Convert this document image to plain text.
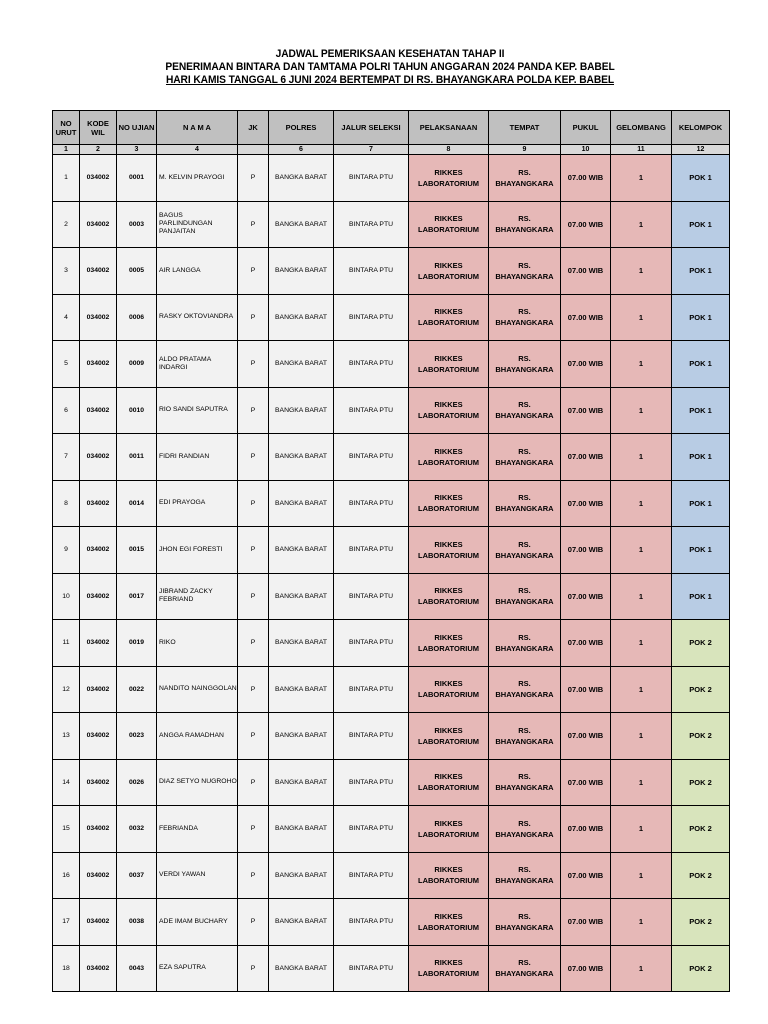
JADWAL PEMERIKSAAN KESEHATAN TAHAP II
PENERIMAAN BINTARA DAN TAMTAMA POLRI TAHUN ANGGARAN 2024 PANDA KEP. BABEL
HARI KAMIS TANGGAL 6 JUNI 2024 BERTEMPAT DI RS. BHAYANGKARA POLDA KEP. BABEL
NO URUT	KODE WIL	NO UJIAN	N A M A	JK	POLRES	JALUR SELEKSI	PELAKSANAAN	TEMPAT	PUKUL	GELOMBANG	KELOMPOK
1	2	3	4		6	7	8	9	10	11	12
1	034002	0001	M. KELVIN PRAYOGI	P	BANGKA BARAT	BINTARA PTU	RIKKES LABORATORIUM	RS. BHAYANGKARA	07.00 WIB	1	POK 1
2	034002	0003	BAGUS PARLINDUNGAN PANJAITAN	P	BANGKA BARAT	BINTARA PTU	RIKKES LABORATORIUM	RS. BHAYANGKARA	07.00 WIB	1	POK 1
3	034002	0005	AIR LANGGA	P	BANGKA BARAT	BINTARA PTU	RIKKES LABORATORIUM	RS. BHAYANGKARA	07.00 WIB	1	POK 1
4	034002	0006	RASKY OKTOVIANDRA	P	BANGKA BARAT	BINTARA PTU	RIKKES LABORATORIUM	RS. BHAYANGKARA	07.00 WIB	1	POK 1
5	034002	0009	ALDO PRATAMA INDARGI	P	BANGKA BARAT	BINTARA PTU	RIKKES LABORATORIUM	RS. BHAYANGKARA	07.00 WIB	1	POK 1
6	034002	0010	RIO SANDI SAPUTRA	P	BANGKA BARAT	BINTARA PTU	RIKKES LABORATORIUM	RS. BHAYANGKARA	07.00 WIB	1	POK 1
7	034002	0011	FIDRI RANDIAN	P	BANGKA BARAT	BINTARA PTU	RIKKES LABORATORIUM	RS. BHAYANGKARA	07.00 WIB	1	POK 1
8	034002	0014	EDI PRAYOGA	P	BANGKA BARAT	BINTARA PTU	RIKKES LABORATORIUM	RS. BHAYANGKARA	07.00 WIB	1	POK 1
9	034002	0015	JHON EGI FORESTI	P	BANGKA BARAT	BINTARA PTU	RIKKES LABORATORIUM	RS. BHAYANGKARA	07.00 WIB	1	POK 1
10	034002	0017	JIBRAND ZACKY FEBRIAND	P	BANGKA BARAT	BINTARA PTU	RIKKES LABORATORIUM	RS. BHAYANGKARA	07.00 WIB	1	POK 1
11	034002	0019	RIKO	P	BANGKA BARAT	BINTARA PTU	RIKKES LABORATORIUM	RS. BHAYANGKARA	07.00 WIB	1	POK 2
12	034002	0022	NANDITO NAINGGOLAN	P	BANGKA BARAT	BINTARA PTU	RIKKES LABORATORIUM	RS. BHAYANGKARA	07.00 WIB	1	POK 2
13	034002	0023	ANGGA RAMADHAN	P	BANGKA BARAT	BINTARA PTU	RIKKES LABORATORIUM	RS. BHAYANGKARA	07.00 WIB	1	POK 2
14	034002	0026	DIAZ SETYO NUGROHO	P	BANGKA BARAT	BINTARA PTU	RIKKES LABORATORIUM	RS. BHAYANGKARA	07.00 WIB	1	POK 2
15	034002	0032	FEBRIANDA	P	BANGKA BARAT	BINTARA PTU	RIKKES LABORATORIUM	RS. BHAYANGKARA	07.00 WIB	1	POK 2
16	034002	0037	VERDI YAWAN	P	BANGKA BARAT	BINTARA PTU	RIKKES LABORATORIUM	RS. BHAYANGKARA	07.00 WIB	1	POK 2
17	034002	0038	ADE IMAM BUCHARY	P	BANGKA BARAT	BINTARA PTU	RIKKES LABORATORIUM	RS. BHAYANGKARA	07.00 WIB	1	POK 2
18	034002	0043	EZA SAPUTRA	P	BANGKA BARAT	BINTARA PTU	RIKKES LABORATORIUM	RS. BHAYANGKARA	07.00 WIB	1	POK 2
